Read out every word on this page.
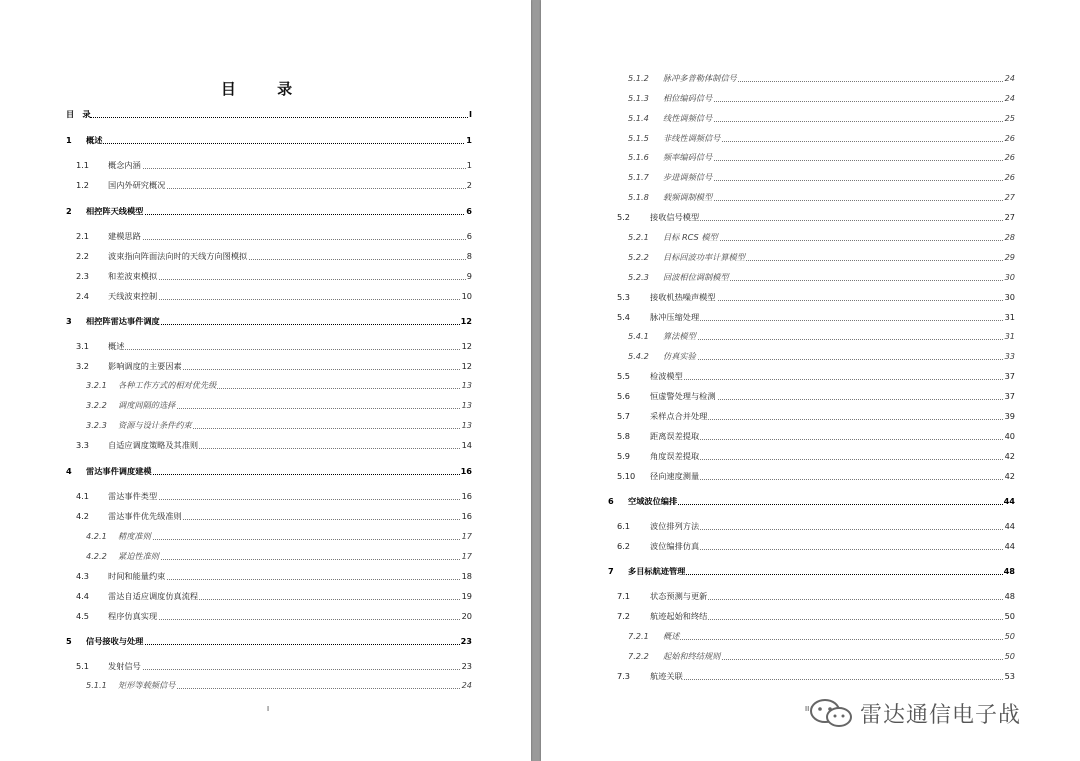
目 录
目　录	I
1 概述	1
1.1 概念内涵	1
1.2 国内外研究概况	2
2 相控阵天线模型	6
2.1 建模思路	6
2.2 波束指向阵面法向时的天线方向图模拟	8
2.3 和差波束模拟	9
2.4 天线波束控制	10
3 相控阵雷达事件调度	12
3.1 概述	12
3.2 影响调度的主要因素	12
3.2.1 各种工作方式的相对优先级	13
3.2.2 调度间隔的选择	13
3.2.3 资源与设计条件约束	13
3.3 自适应调度策略及其准则	14
4 雷达事件调度建模	16
4.1 雷达事件类型	16
4.2 雷达事件优先级准则	16
4.2.1 精度准则	17
4.2.2 紧迫性准则	17
4.3 时间和能量约束	18
4.4 雷达自适应调度仿真流程	19
4.5 程序仿真实现	20
5 信号接收与处理	23
5.1 发射信号	23
5.1.1 矩形等载频信号	24
I
5.1.2 脉冲多普勒体制信号	24
5.1.3 相位编码信号	24
5.1.4 线性调频信号	25
5.1.5 非线性调频信号	26
5.1.6 频率编码信号	26
5.1.7 步进调频信号	26
5.1.8 载频调制模型	27
5.2 接收信号模型	27
5.2.1 目标 RCS 模型	28
5.2.2 目标回波功率计算模型	29
5.2.3 回波相位调制模型	30
5.3 接收机热噪声模型	30
5.4 脉冲压缩处理	31
5.4.1 算法模型	31
5.4.2 仿真实验	33
5.5 检波模型	37
5.6 恒虚警处理与检测	37
5.7 采样点合并处理	39
5.8 距离误差提取	40
5.9 角度误差提取	42
5.10 径向速度测量	42
6 空域波位编排	44
6.1 波位排列方法	44
6.2 波位编排仿真	44
7 多目标航迹管理	48
7.1 状态预测与更新	48
7.2 航迹起始和终结	50
7.2.1 概述	50
7.2.2 起始和终结规则	50
7.3 航迹关联	53
II 雷达通信电子战
